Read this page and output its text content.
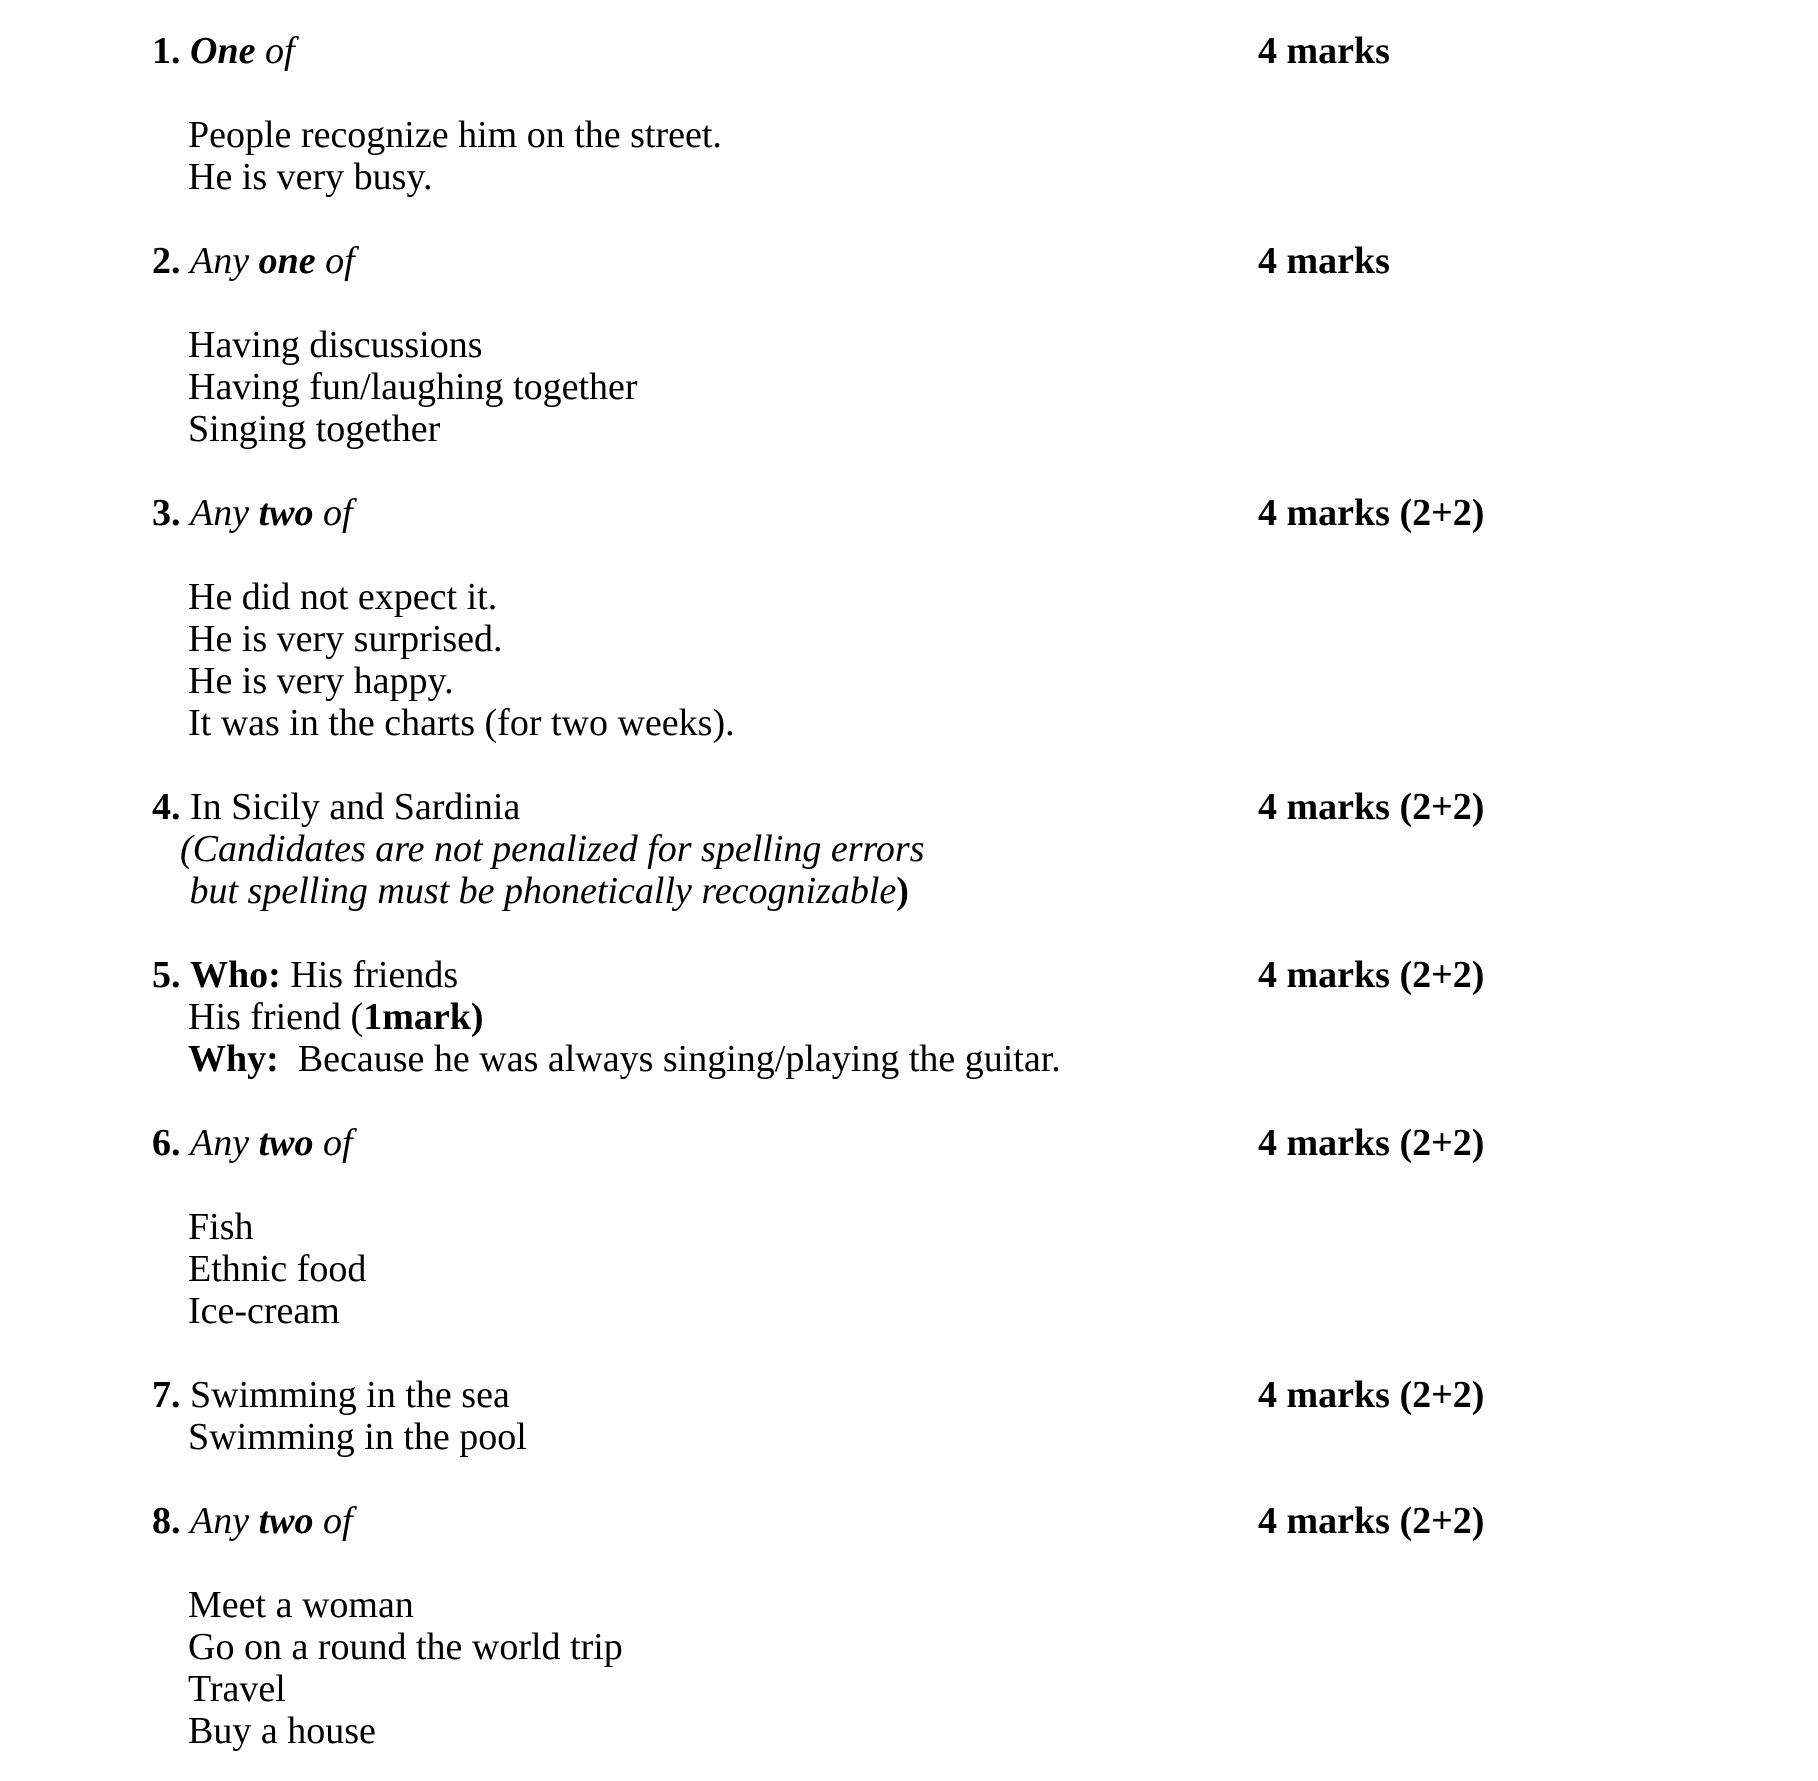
1. One of	4 marks
People recognize him on the street.
He is very busy.
2. Any one of	4 marks
Having discussions
Having fun/laughing together
Singing together
3. Any two of	4 marks (2+2)
He did not expect it.
He is very surprised.
He is very happy.
It was in the charts (for two weeks).
4. In Sicily and Sardinia	4 marks (2+2)
(Candidates are not penalized for spelling errors
but spelling must be phonetically recognizable)
5. Who: His friends	4 marks (2+2)
His friend (1mark)
Why:  Because he was always singing/playing the guitar.
6. Any two of	4 marks (2+2)
Fish
Ethnic food
Ice-cream
7. Swimming in the sea	4 marks (2+2)
Swimming in the pool
8. Any two of	4 marks (2+2)
Meet a woman
Go on a round the world trip
Travel
Buy a house
